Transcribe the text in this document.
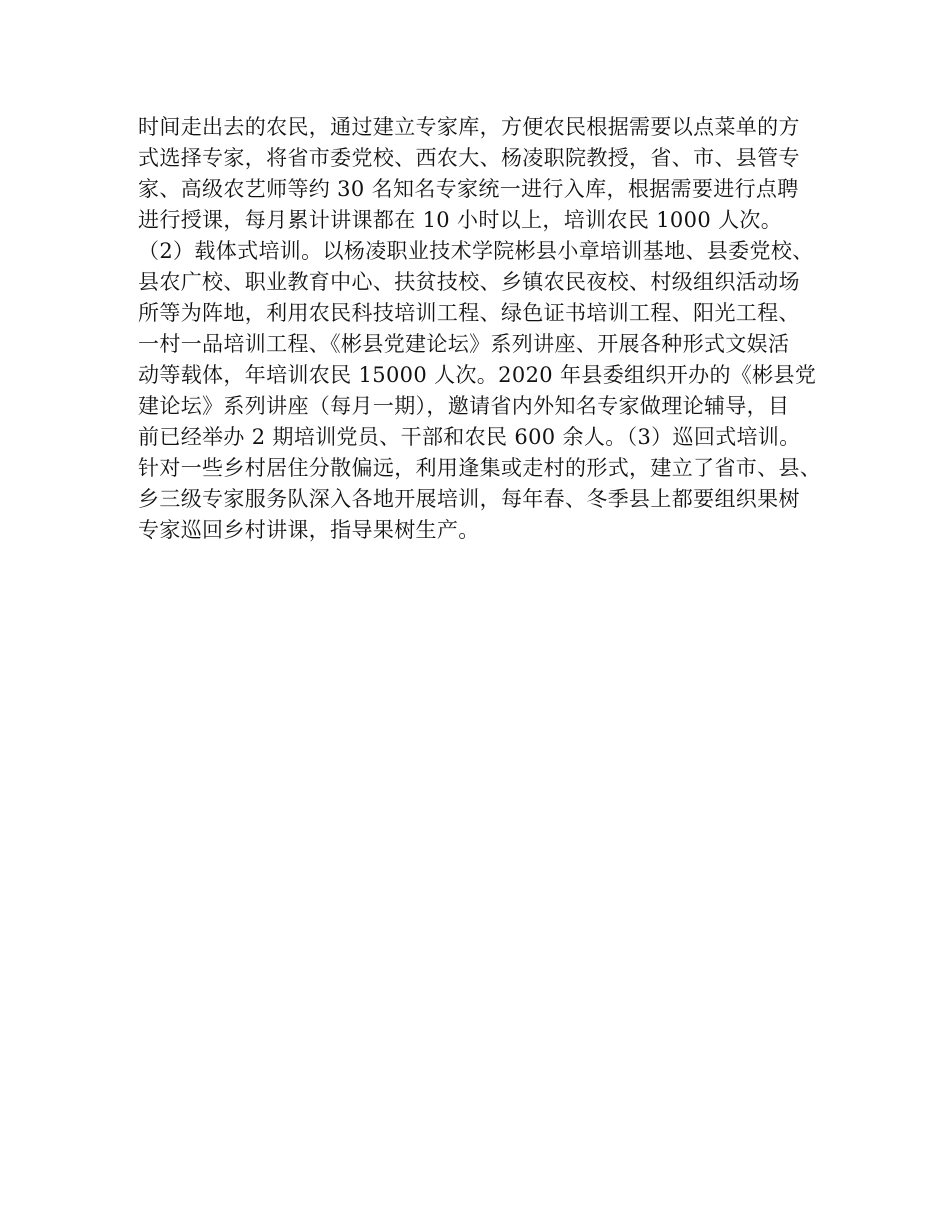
时间走出去的农民，通过建立专家库，方便农民根据需要以点菜单的方
式选择专家，将省市委党校、西农大、杨凌职院教授，省、市、县管专
家、高级农艺师等约 30 名知名专家统一进行入库，根据需要进行点聘
进行授课，每月累计讲课都在 10 小时以上，培训农民 1000 人次。
（2）载体式培训。以杨凌职业技术学院彬县小章培训基地、县委党校、
县农广校、职业教育中心、扶贫技校、乡镇农民夜校、村级组织活动场
所等为阵地，利用农民科技培训工程、绿色证书培训工程、阳光工程、
一村一品培训工程、《彬县党建论坛》系列讲座、开展各种形式文娱活
动等载体，年培训农民 15000 人次。2020 年县委组织开办的《彬县党
建论坛》系列讲座（每月一期），邀请省内外知名专家做理论辅导，目
前已经举办 2 期培训党员、干部和农民 600 余人。（3）巡回式培训。
针对一些乡村居住分散偏远，利用逢集或走村的形式，建立了省市、县、
乡三级专家服务队深入各地开展培训，每年春、冬季县上都要组织果树
专家巡回乡村讲课，指导果树生产。
